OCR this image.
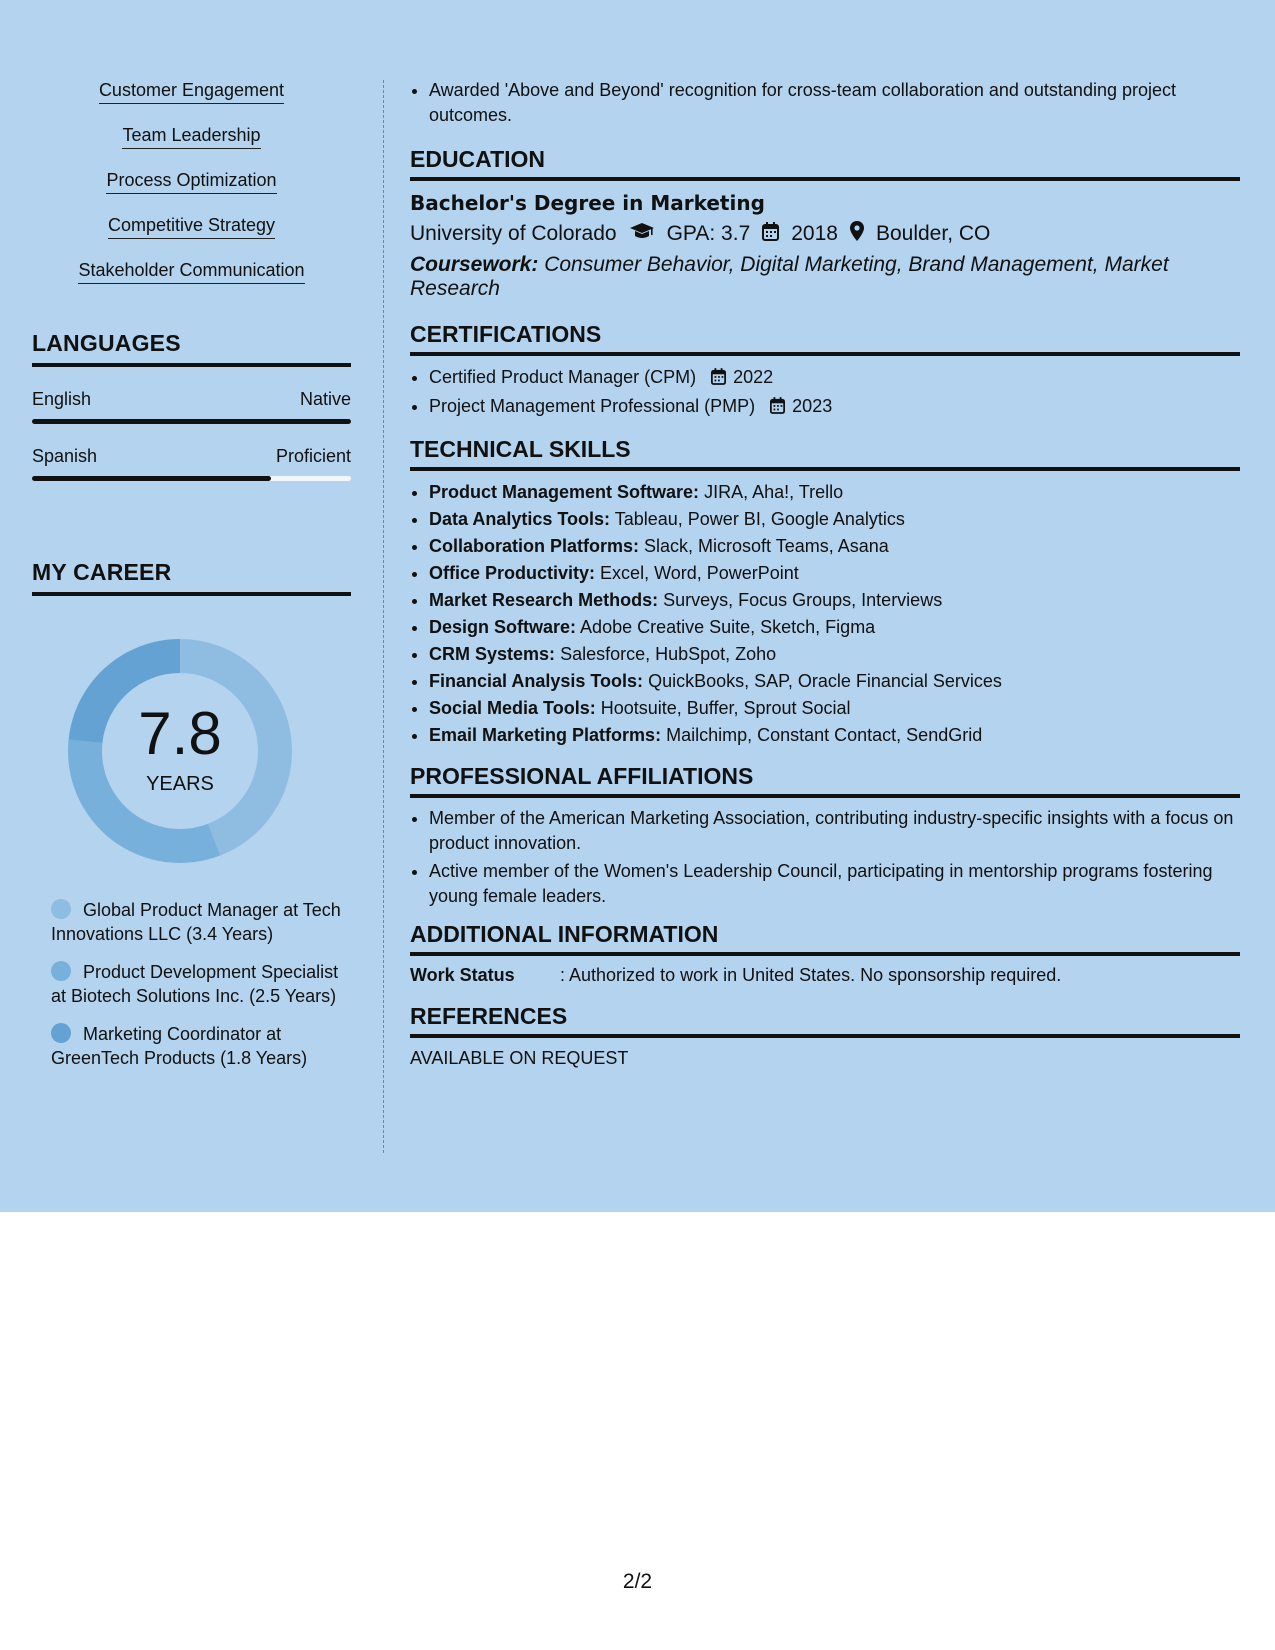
Customer Engagement
Team Leadership
Process Optimization
Competitive Strategy
Stakeholder Communication
LANGUAGES
English	Native
Spanish	Proficient
MY CAREER
7.8
YEARS
Global Product Manager at Tech Innovations LLC (3.4 Years)
Product Development Specialist at Biotech Solutions Inc. (2.5 Years)
Marketing Coordinator at GreenTech Products (1.8 Years)
• Awarded 'Above and Beyond' recognition for cross-team collaboration and outstanding project outcomes.
EDUCATION
Bachelor's Degree in Marketing
University of Colorado GPA: 3.7 2018 Boulder, CO
Coursework: Consumer Behavior, Digital Marketing, Brand Management, Market Research
CERTIFICATIONS
• Certified Product Manager (CPM) 2022
• Project Management Professional (PMP) 2023
TECHNICAL SKILLS
• Product Management Software: JIRA, Aha!, Trello
• Data Analytics Tools: Tableau, Power BI, Google Analytics
• Collaboration Platforms: Slack, Microsoft Teams, Asana
• Office Productivity: Excel, Word, PowerPoint
• Market Research Methods: Surveys, Focus Groups, Interviews
• Design Software: Adobe Creative Suite, Sketch, Figma
• CRM Systems: Salesforce, HubSpot, Zoho
• Financial Analysis Tools: QuickBooks, SAP, Oracle Financial Services
• Social Media Tools: Hootsuite, Buffer, Sprout Social
• Email Marketing Platforms: Mailchimp, Constant Contact, SendGrid
PROFESSIONAL AFFILIATIONS
• Member of the American Marketing Association, contributing industry-specific insights with a focus on product innovation.
• Active member of the Women's Leadership Council, participating in mentorship programs fostering young female leaders.
ADDITIONAL INFORMATION
Work Status	: Authorized to work in United States. No sponsorship required.
REFERENCES
AVAILABLE ON REQUEST
2/2
